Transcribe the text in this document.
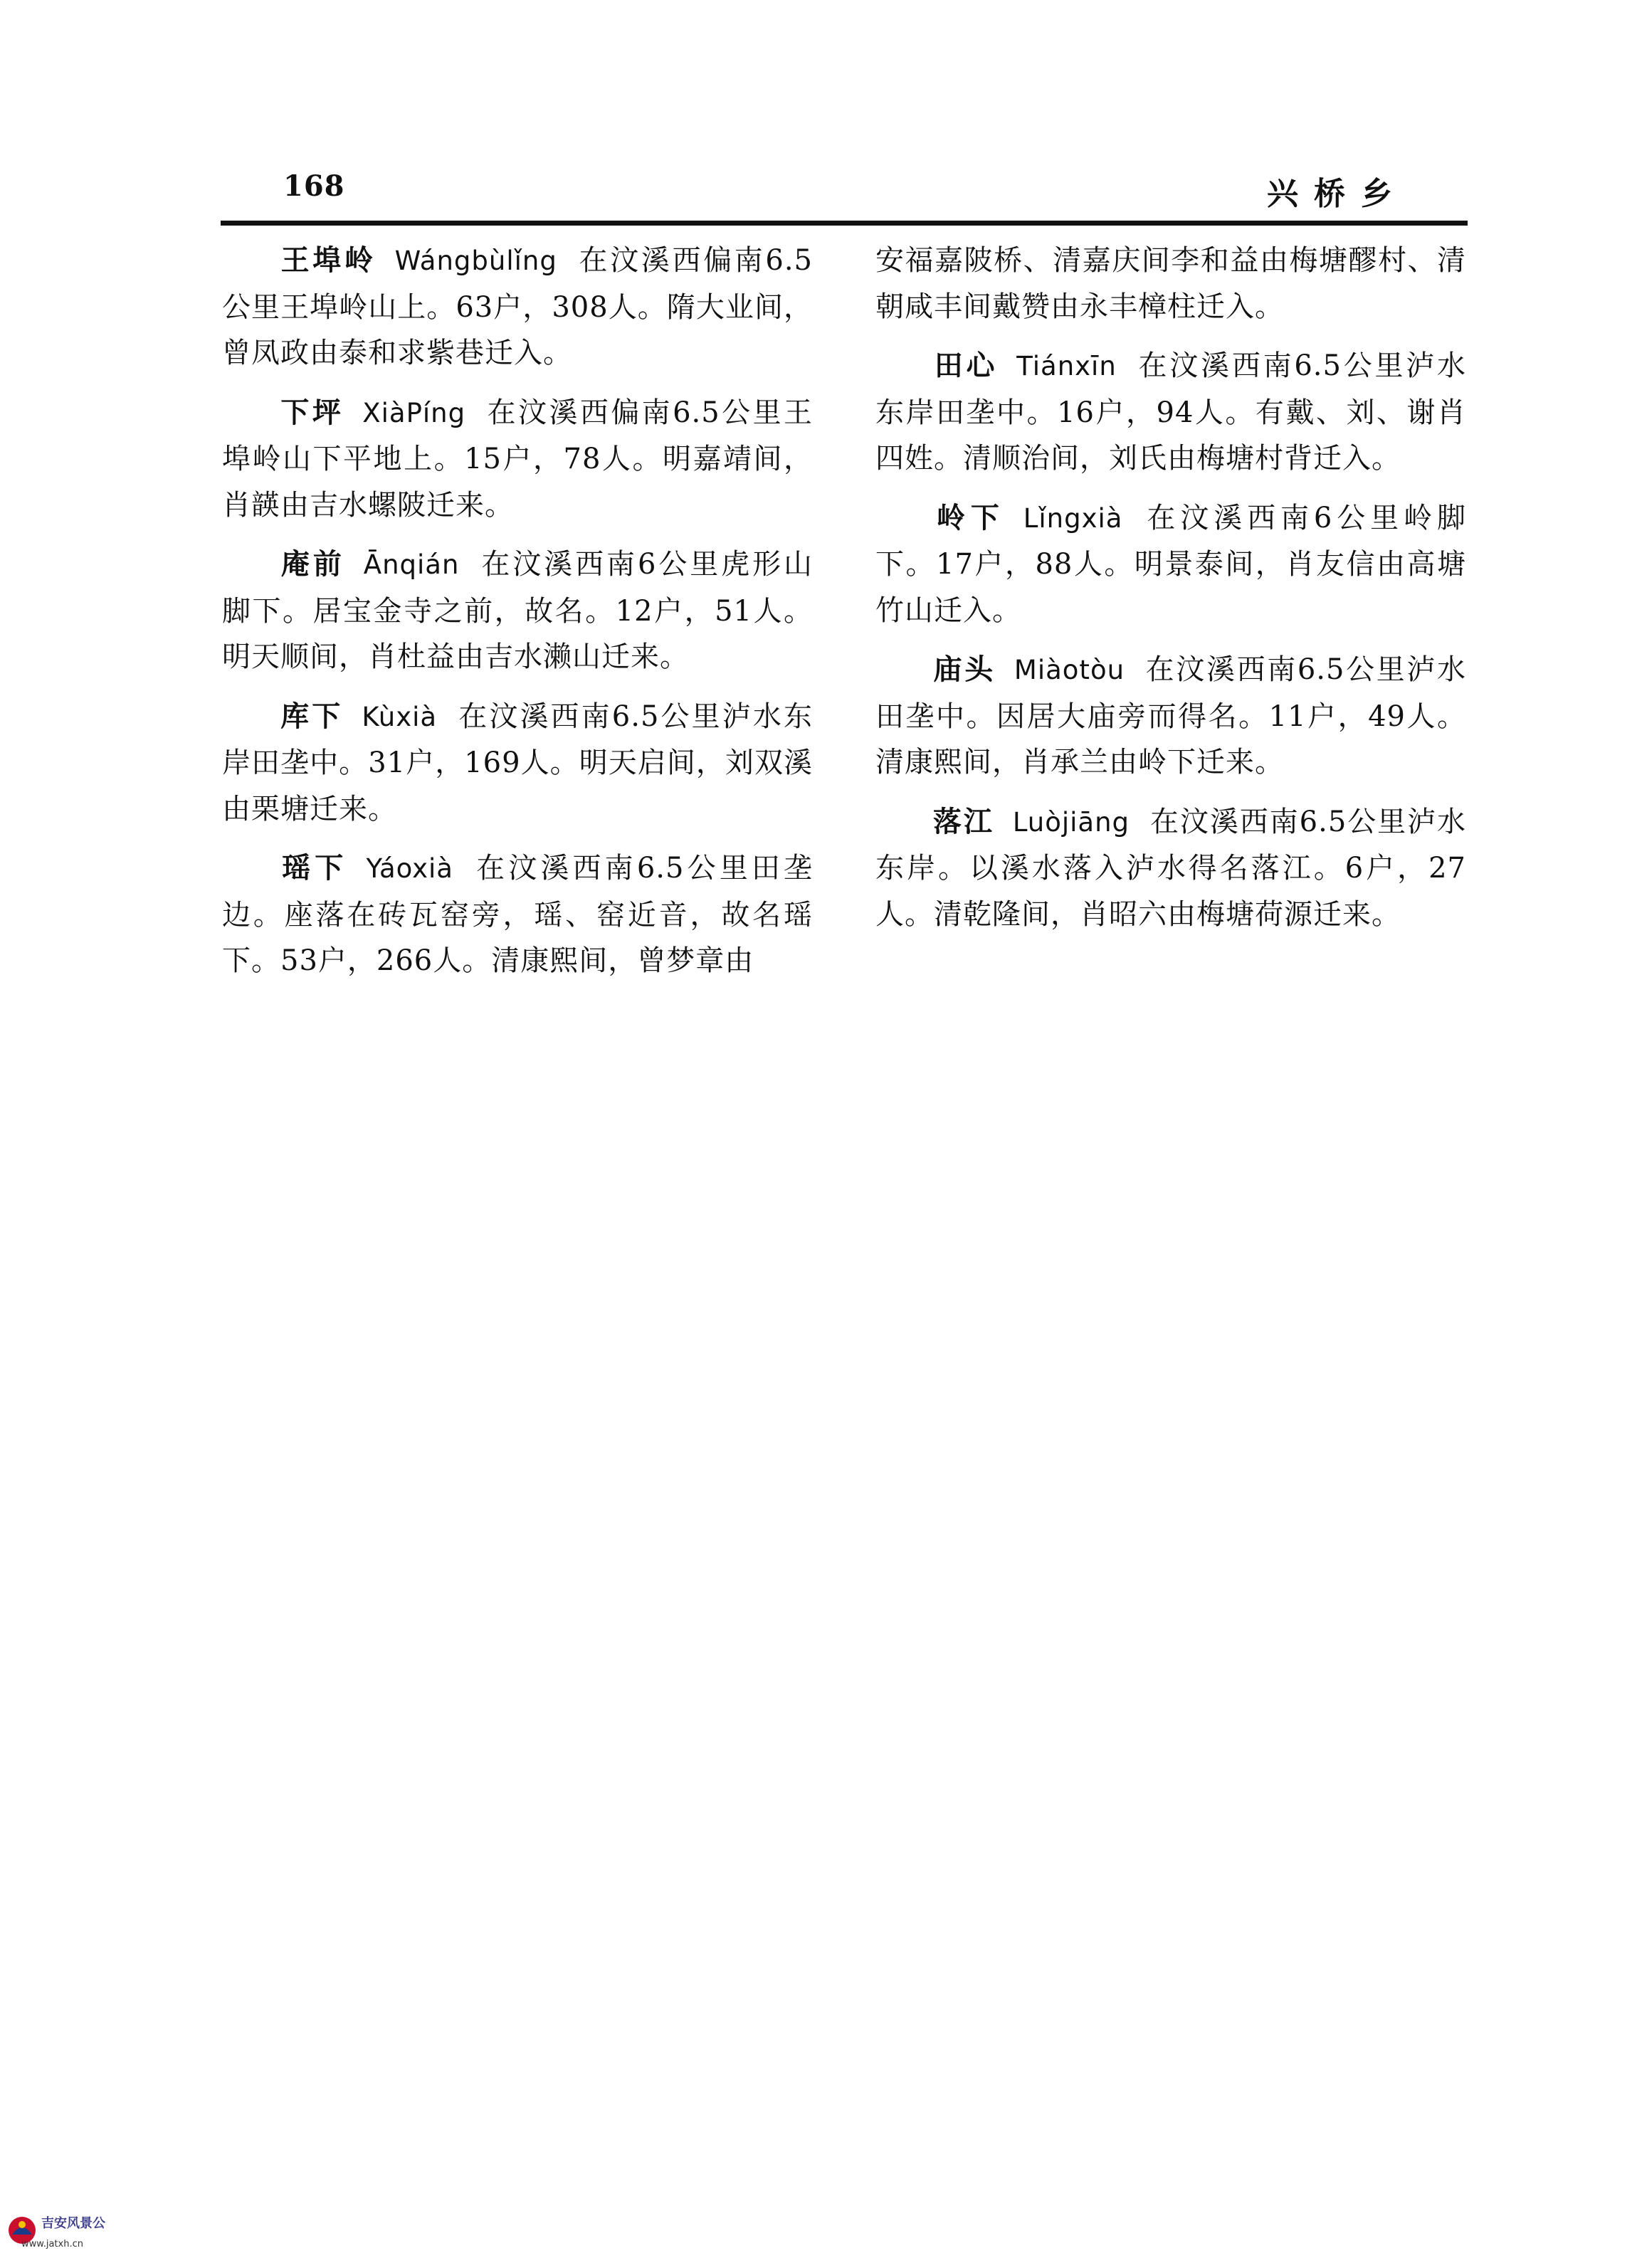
168	兴桥乡

王埠岭 Wángbùlǐng 在汶溪西偏南6.5公里王埠岭山上。63户，308人。隋大业间，曾凤政由泰和求紫巷迁入。

下坪 XiàPíng 在汶溪西偏南6.5公里王埠岭山下平地上。15户，78人。明嘉靖间，肖韺由吉水螺陂迁来。

庵前 Ānqián 在汶溪西南6公里虎形山脚下。居宝金寺之前，故名。12户，51人。明天顺间，肖杜益由吉水濑山迁来。

库下 Kùxià 在汶溪西南6.5公里泸水东岸田垄中。31户，169人。明天启间，刘双溪由栗塘迁来。

瑶下 Yáoxià 在汶溪西南6.5公里田垄边。座落在砖瓦窑旁，瑶、窑近音，故名瑶下。53户，266人。清康熙间，曾梦章由

安福嘉陂桥、清嘉庆间李和益由梅塘醪村、清朝咸丰间戴赞由永丰樟柱迁入。

田心 Tiánxīn 在汶溪西南6.5公里泸水东岸田垄中。16户，94人。有戴、刘、谢肖四姓。清顺治间，刘氏由梅塘村背迁入。

岭下 Lǐngxià 在汶溪西南6公里岭脚下。17户，88人。明景泰间，肖友信由高塘竹山迁入。

庙头 Miàotòu 在汶溪西南6.5公里泸水田垄中。因居大庙旁而得名。11户，49人。清康熙间，肖承兰由岭下迁来。

落江 Luòjiāng 在汶溪西南6.5公里泸水东岸。以溪水落入泸水得名落江。6户，27人。清乾隆间，肖昭六由梅塘荷源迁来。

吉安风景公
www.jatxh.cn
